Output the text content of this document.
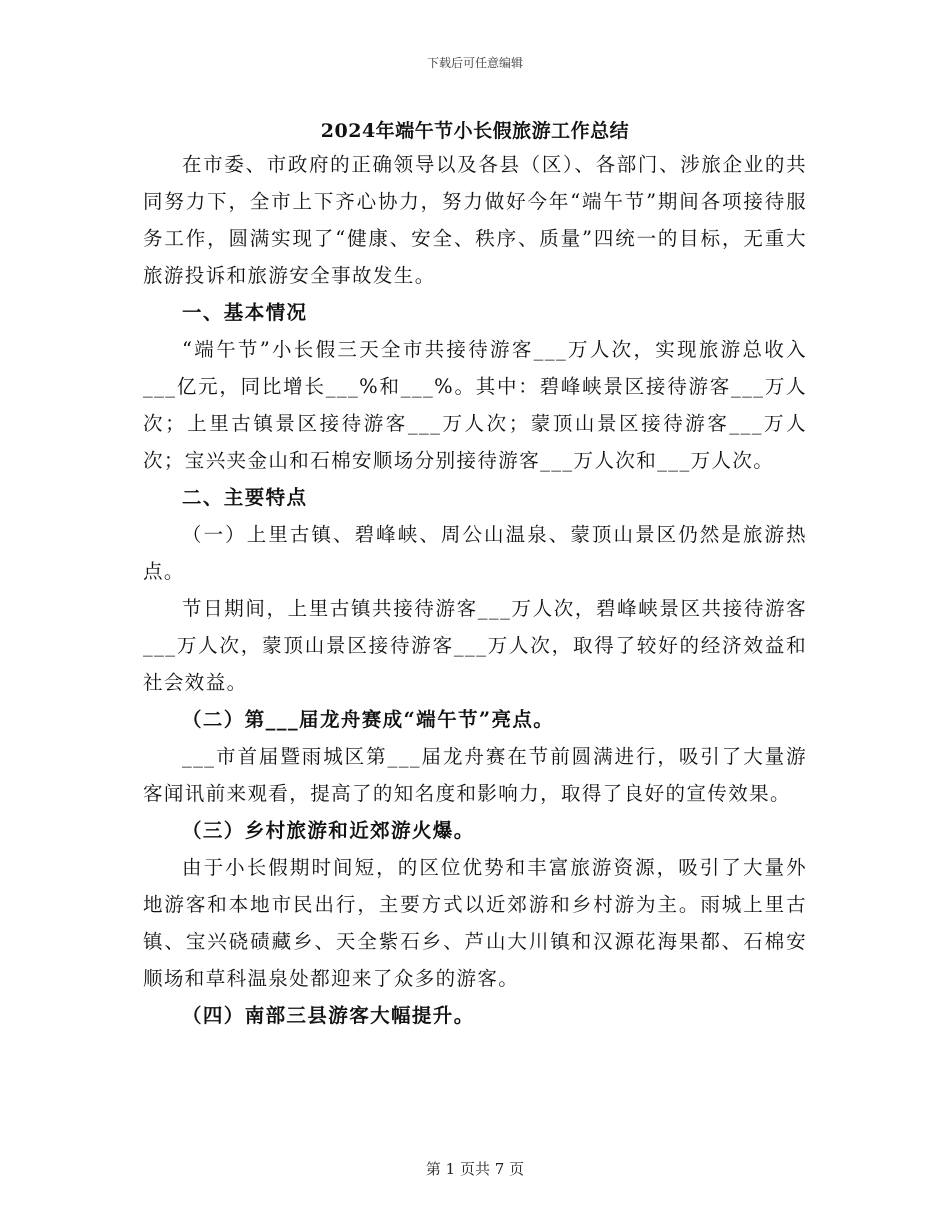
下载后可任意编辑
2024年端午节小长假旅游工作总结

在市委、市政府的正确领导以及各县（区）、各部门、涉旅企业的共同努力下，全市上下齐心协力，努力做好今年“端午节”期间各项接待服务工作，圆满实现了“健康、安全、秩序、质量”四统一的目标，无重大旅游投诉和旅游安全事故发生。

一、基本情况

“端午节”小长假三天全市共接待游客___万人次，实现旅游总收入___亿元，同比增长___%和___%。其中：碧峰峡景区接待游客___万人次；上里古镇景区接待游客___万人次；蒙顶山景区接待游客___万人次；宝兴夹金山和石棉安顺场分别接待游客___万人次和___万人次。

二、主要特点

（一）上里古镇、碧峰峡、周公山温泉、蒙顶山景区仍然是旅游热点。

节日期间，上里古镇共接待游客___万人次，碧峰峡景区共接待游客___万人次，蒙顶山景区接待游客___万人次，取得了较好的经济效益和社会效益。

（二）第___届龙舟赛成“端午节”亮点。

___市首届暨雨城区第___届龙舟赛在节前圆满进行，吸引了大量游客闻讯前来观看，提高了的知名度和影响力，取得了良好的宣传效果。

（三）乡村旅游和近郊游火爆。

由于小长假期时间短，的区位优势和丰富旅游资源，吸引了大量外地游客和本地市民出行，主要方式以近郊游和乡村游为主。雨城上里古镇、宝兴硗碛藏乡、天全紫石乡、芦山大川镇和汉源花海果都、石棉安顺场和草科温泉处都迎来了众多的游客。

（四）南部三县游客大幅提升。

第 1 页共 7 页
